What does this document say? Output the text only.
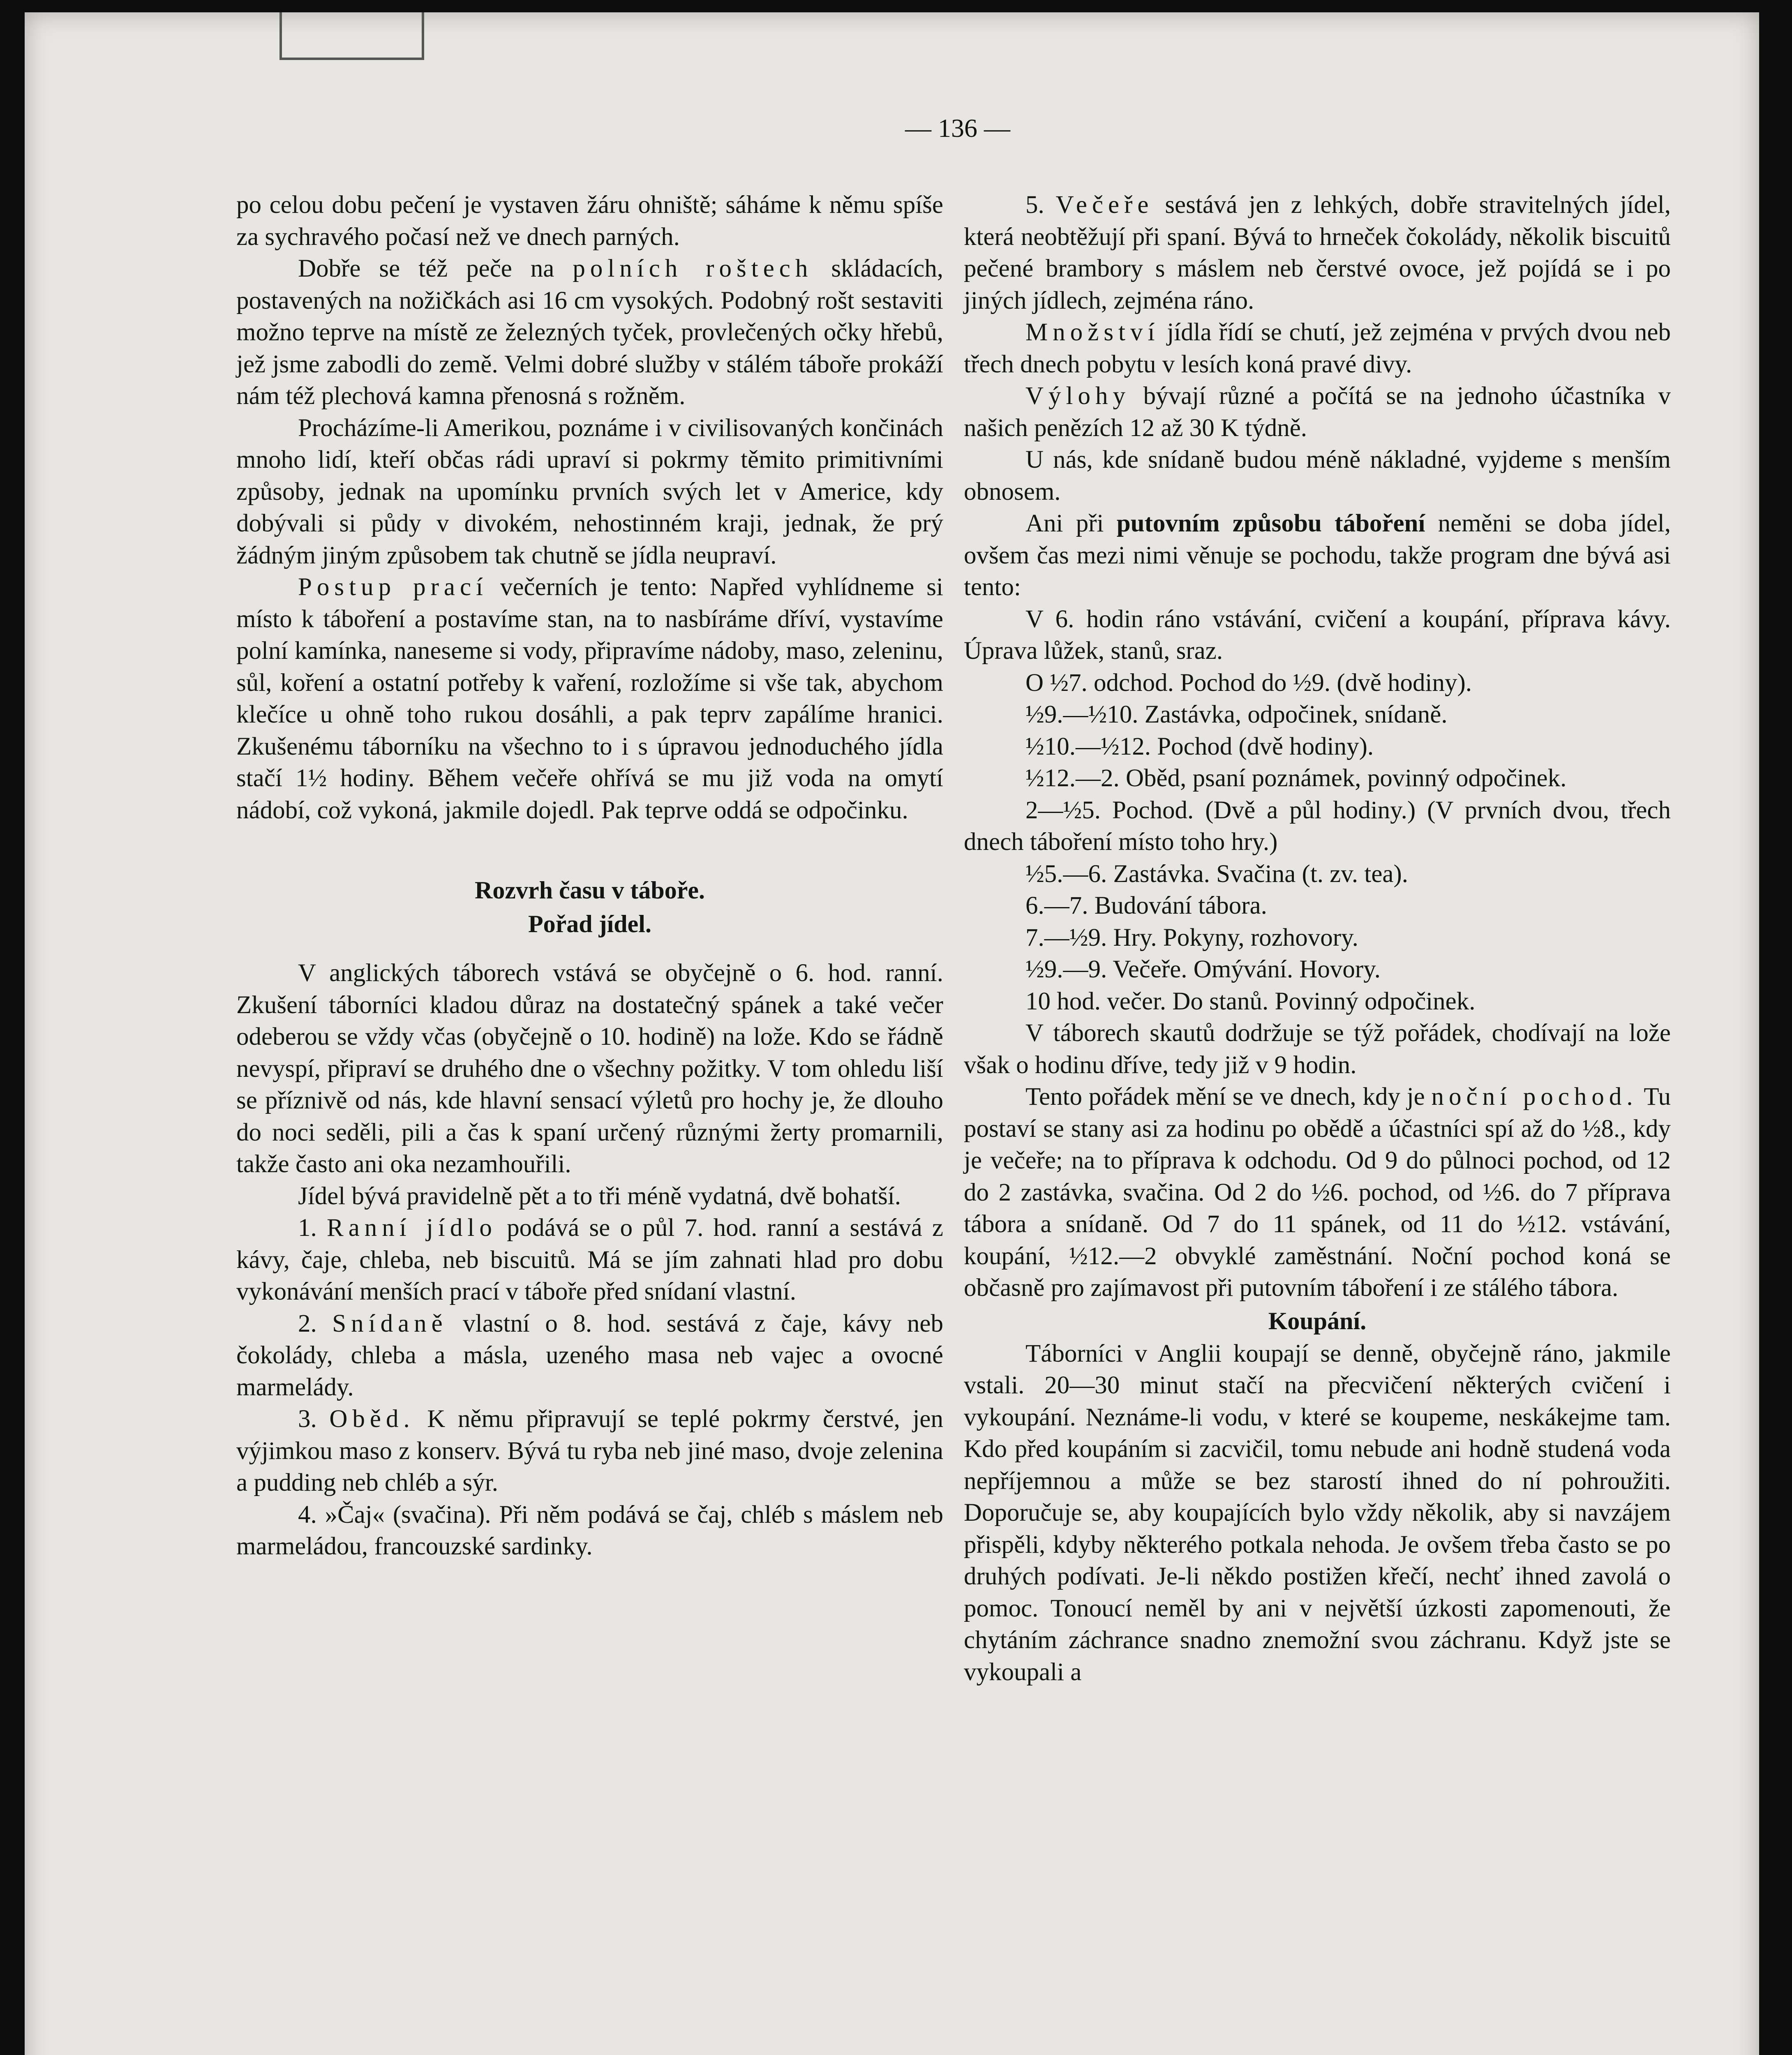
— 136 —

po celou dobu pečení je vystaven žáru ohniště; sáháme k němu spíše za sychravého počasí než ve dnech parných.

Dobře se též peče na polních roštech skládacích, postavených na nožičkách asi 16 cm vysokých. Podobný rošt sestaviti možno teprve na místě ze železných tyček, provlečených očky hřebů, jež jsme zabodli do země. Velmi dobré služby v stálém táboře prokáží nám též plechová kamna přenosná s rožněm.

Procházíme-li Amerikou, poznáme i v civilisovaných končinách mnoho lidí, kteří občas rádi upraví si pokrmy těmito primitivními způsoby, jednak na upomínku prvních svých let v Americe, kdy dobývali si půdy v divokém, nehostinném kraji, jednak, že prý žádným jiným způsobem tak chutně se jídla neupraví.

Postup prací večerních je tento: Napřed vyhlídneme si místo k táboření a postavíme stan, na to nasbíráme dříví, vystavíme polní kamínka, naneseme si vody, připravíme nádoby, maso, zeleninu, sůl, koření a ostatní potřeby k vaření, rozložíme si vše tak, abychom klečíce u ohně toho rukou dosáhli, a pak teprv zapálíme hranici. Zkušenému táborníku na všechno to i s úpravou jednoduchého jídla stačí 1½ hodiny. Během večeře ohřívá se mu již voda na omytí nádobí, což vykoná, jakmile dojedl. Pak teprve oddá se odpočinku.

Rozvrh času v táboře.
Pořad jídel.

V anglických táborech vstává se obyčejně o 6. hod. ranní. Zkušení táborníci kladou důraz na dostatečný spánek a také večer odeberou se vždy včas (obyčejně o 10. hodině) na lože. Kdo se řádně nevyspí, připraví se druhého dne o všechny požitky. V tom ohledu liší se příznivě od nás, kde hlavní sensací výletů pro hochy je, že dlouho do noci seděli, pili a čas k spaní určený různými žerty promarnili, takže často ani oka nezamhouřili.

Jídel bývá pravidelně pět a to tři méně vydatná, dvě bohatší.

1. Ranní jídlo podává se o půl 7. hod. ranní a sestává z kávy, čaje, chleba, neb biscuitů. Má se jím zahnati hlad pro dobu vykonávání menších prací v táboře před snídaní vlastní.

2. Snídaně vlastní o 8. hod. sestává z čaje, kávy neb čokolády, chleba a másla, uzeného masa neb vajec a ovocné marmelády.

3. Oběd. K němu připravují se teplé pokrmy čerstvé, jen výjimkou maso z konserv. Bývá tu ryba neb jiné maso, dvoje zelenina a pudding neb chléb a sýr.

4. »Čaj« (svačina). Při něm podává se čaj, chléb s máslem neb marmeládou, francouzské sardinky.

5. Večeře sestává jen z lehkých, dobře stravitelných jídel, která neobtěžují při spaní. Bývá to hrneček čokolády, několik biscuitů pečené brambory s máslem neb čerstvé ovoce, jež pojídá se i po jiných jídlech, zejména ráno.

Množství jídla řídí se chutí, jež zejména v prvých dvou neb třech dnech pobytu v lesích koná pravé divy.

Výlohy bývají různé a počítá se na jednoho účastníka v našich penězích 12 až 30 K týdně.

U nás, kde snídaně budou méně nákladné, vyjdeme s menším obnosem.

Ani při putovním způsobu táboření neměni se doba jídel, ovšem čas mezi nimi věnuje se pochodu, takže program dne bývá asi tento:

V 6. hodin ráno vstávání, cvičení a koupání, příprava kávy. Úprava lůžek, stanů, sraz.

O ½7. odchod. Pochod do ½9. (dvě hodiny).

½9.—½10. Zastávka, odpočinek, snídaně.

½10.—½12. Pochod (dvě hodiny).

½12.—2. Oběd, psaní poznámek, povinný odpočinek.

2—½5. Pochod. (Dvě a půl hodiny.) (V prvních dvou, třech dnech táboření místo toho hry.)

½5.—6. Zastávka. Svačina (t. zv. tea).

6.—7. Budování tábora.

7.—½9. Hry. Pokyny, rozhovory.

½9.—9. Večeře. Omývání. Hovory.

10 hod. večer. Do stanů. Povinný odpočinek.

V táborech skautů dodržuje se týž pořádek, chodívají na lože však o hodinu dříve, tedy již v 9 hodin.

Tento pořádek mění se ve dnech, kdy je noční pochod. Tu postaví se stany asi za hodinu po obědě a účastníci spí až do ½8., kdy je večeře; na to příprava k odchodu. Od 9 do půlnoci pochod, od 12 do 2 zastávka, svačina. Od 2 do ½6. pochod, od ½6. do 7 příprava tábora a snídaně. Od 7 do 11 spánek, od 11 do ½12. vstávání, koupání, ½12.—2 obvyklé zaměstnání. Noční pochod koná se občasně pro zajímavost při putovním táboření i ze stálého tábora.

Koupání.

Táborníci v Anglii koupají se denně, obyčejně ráno, jakmile vstali. 20—30 minut stačí na přecvičení některých cvičení i vykoupání. Neznáme-li vodu, v které se koupeme, neskákejme tam. Kdo před koupáním si zacvičil, tomu nebude ani hodně studená voda nepříjemnou a může se bez starostí ihned do ní pohroužiti. Doporučuje se, aby koupajících bylo vždy několik, aby si navzájem přispěli, kdyby některého potkala nehoda. Je ovšem třeba často se po druhých podívati. Je-li někdo postižen křečí, nechť ihned zavolá o pomoc. Tonoucí neměl by ani v největší úzkosti zapomenouti, že chytáním záchrance snadno znemožní svou záchranu. Když jste se vykoupali a
